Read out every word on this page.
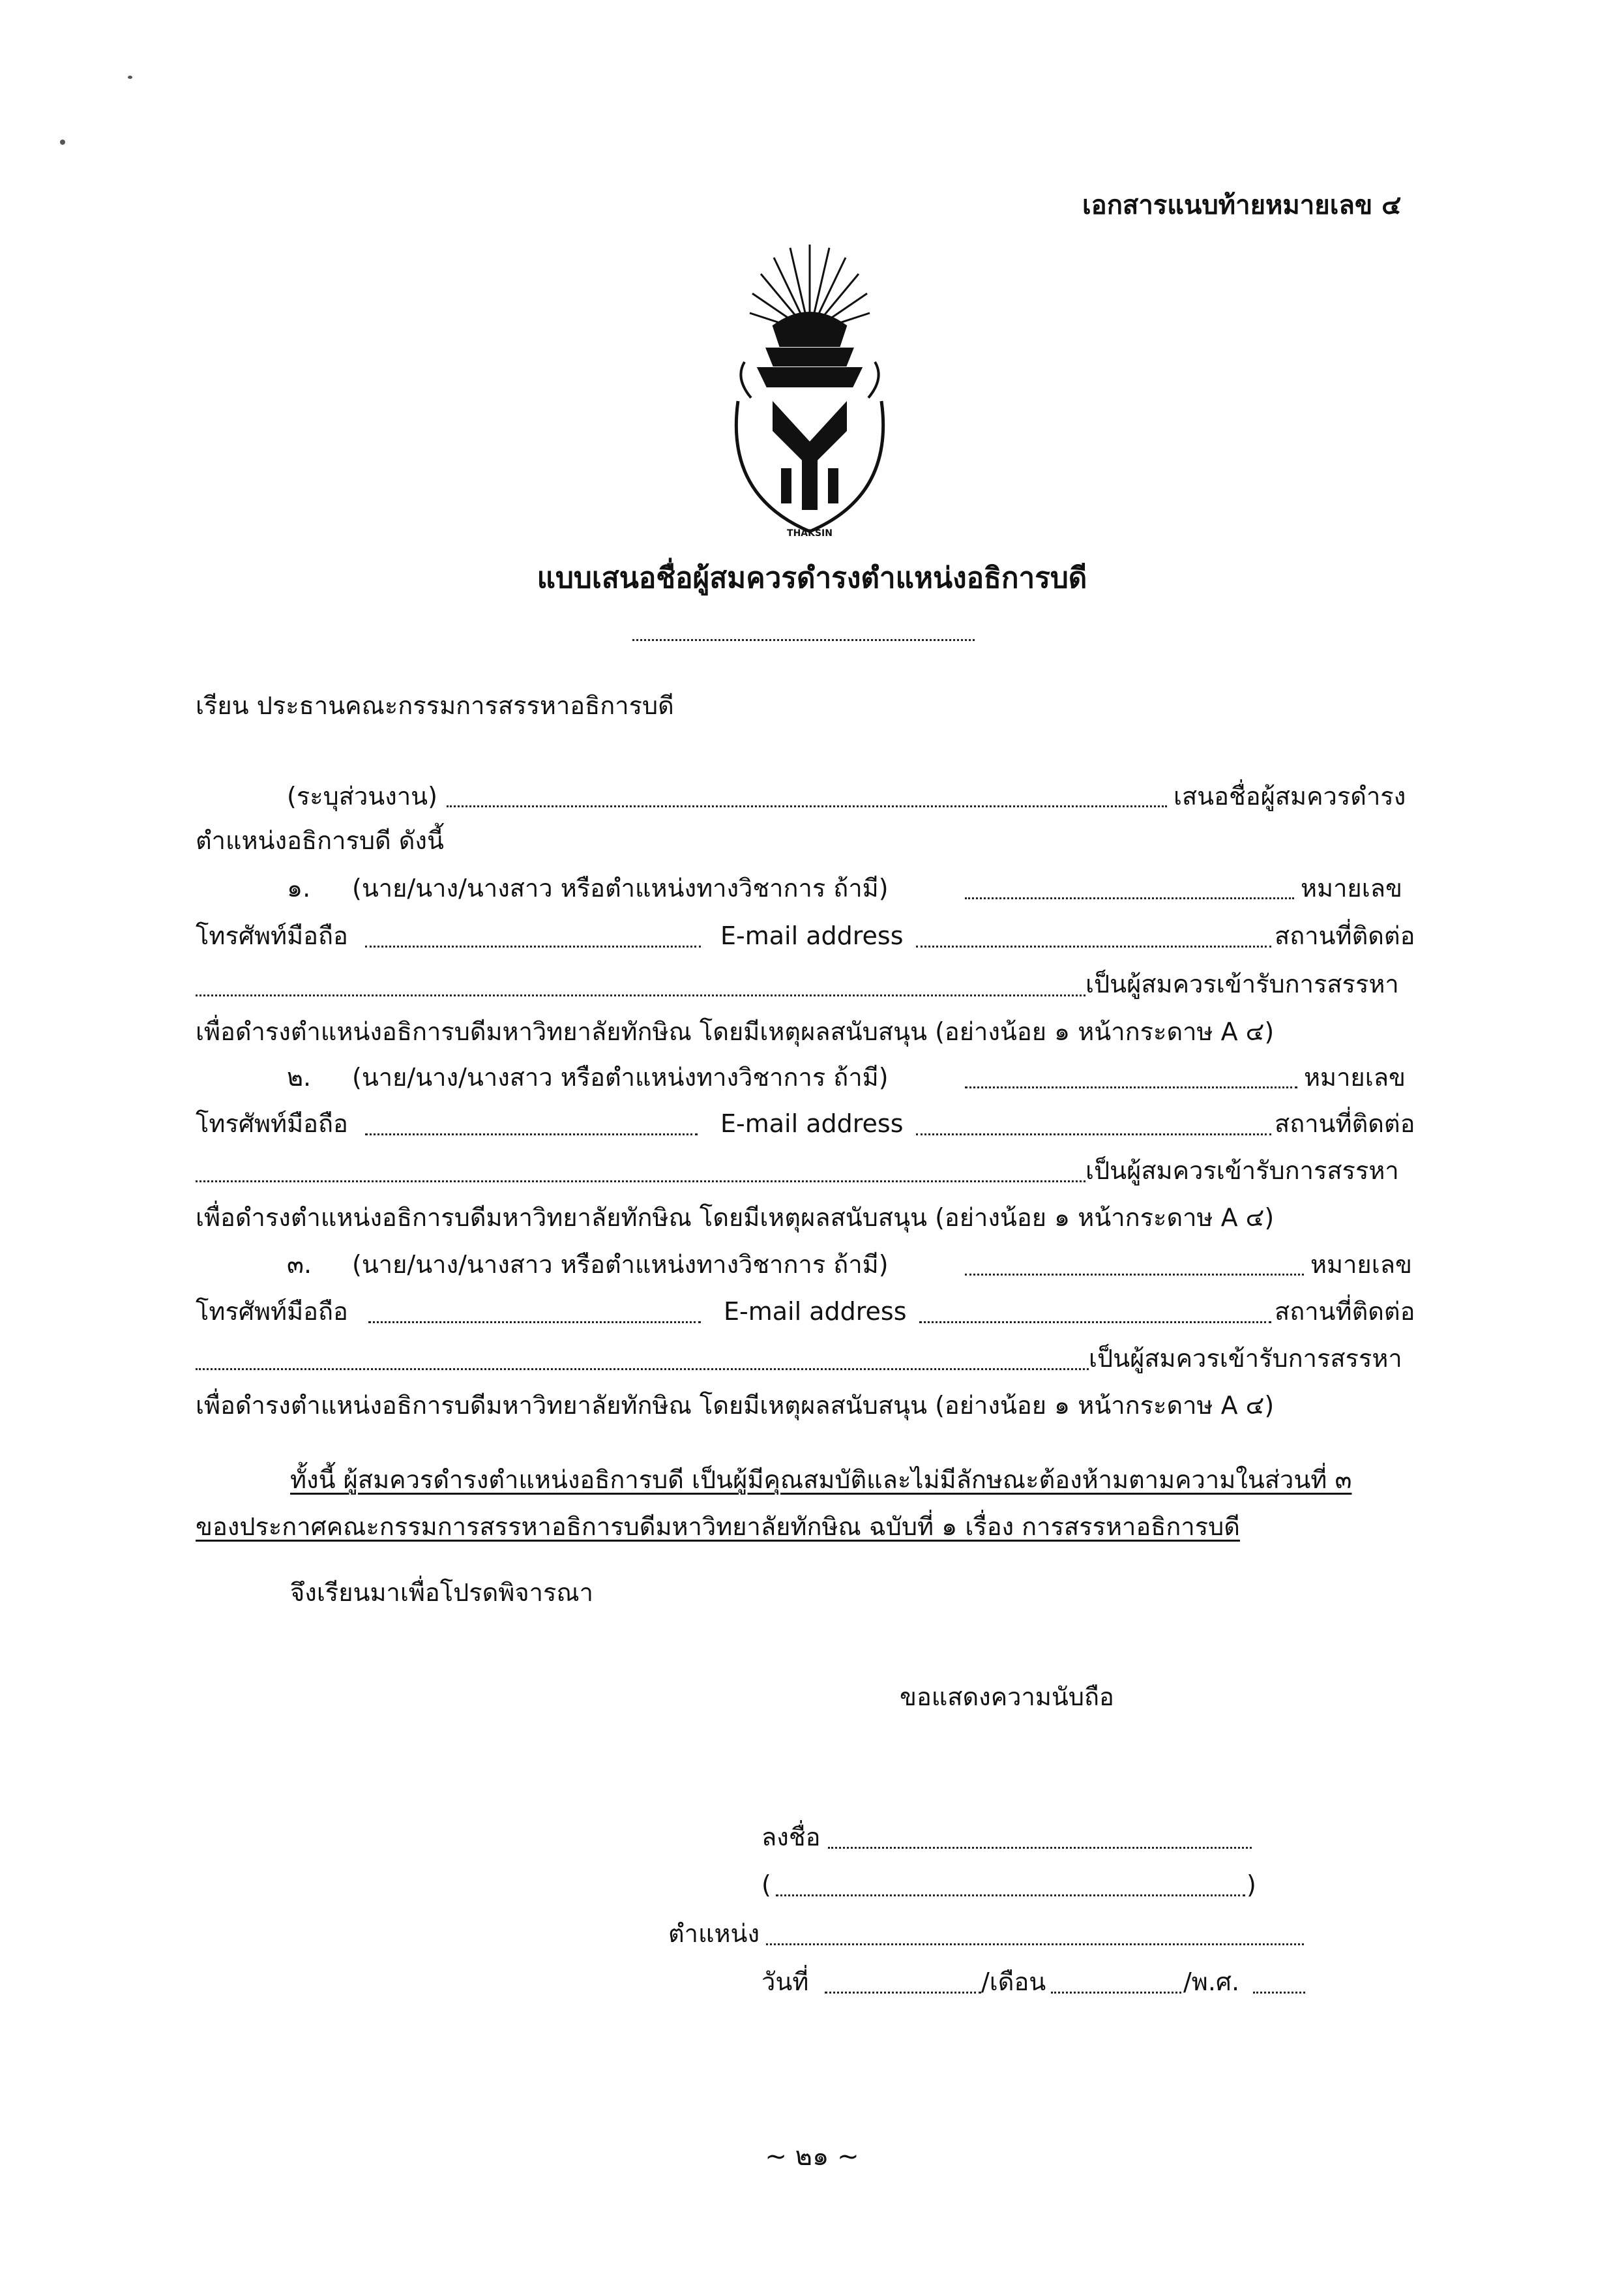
เอกสารแนบท้ายหมายเลข ๔
THAKSIN
แบบเสนอชื่อผู้สมควรดำรงตำแหน่งอธิการบดี
เรียน ประธานคณะกรรมการสรรหาอธิการบดี
(ระบุส่วนงาน)	เสนอชื่อผู้สมควรดำรง
ตำแหน่งอธิการบดี ดังนี้
๑. (นาย/นาง/นางสาว หรือตำแหน่งทางวิชาการ ถ้ามี)	หมายเลข
โทรศัพท์มือถือ	E-mail address	สถานที่ติดต่อ
เป็นผู้สมควรเข้ารับการสรรหา
เพื่อดำรงตำแหน่งอธิการบดีมหาวิทยาลัยทักษิณ โดยมีเหตุผลสนับสนุน (อย่างน้อย ๑ หน้ากระดาษ A ๔)
๒. (นาย/นาง/นางสาว หรือตำแหน่งทางวิชาการ ถ้ามี)	หมายเลข
โทรศัพท์มือถือ	E-mail address	สถานที่ติดต่อ
เป็นผู้สมควรเข้ารับการสรรหา
เพื่อดำรงตำแหน่งอธิการบดีมหาวิทยาลัยทักษิณ โดยมีเหตุผลสนับสนุน (อย่างน้อย ๑ หน้ากระดาษ A ๔)
๓. (นาย/นาง/นางสาว หรือตำแหน่งทางวิชาการ ถ้ามี)	หมายเลข
โทรศัพท์มือถือ	E-mail address	สถานที่ติดต่อ
เป็นผู้สมควรเข้ารับการสรรหา
เพื่อดำรงตำแหน่งอธิการบดีมหาวิทยาลัยทักษิณ โดยมีเหตุผลสนับสนุน (อย่างน้อย ๑ หน้ากระดาษ A ๔)
ทั้งนี้ ผู้สมควรดำรงตำแหน่งอธิการบดี เป็นผู้มีคุณสมบัติและไม่มีลักษณะต้องห้ามตามความในส่วนที่ ๓
ของประกาศคณะกรรมการสรรหาอธิการบดีมหาวิทยาลัยทักษิณ ฉบับที่ ๑ เรื่อง การสรรหาอธิการบดี
จึงเรียนมาเพื่อโปรดพิจารณา
ขอแสดงความนับถือ
ลงชื่อ
(	)
ตำแหน่ง
วันที่	/เดือน	/พ.ศ.
~ ๒๑ ~
